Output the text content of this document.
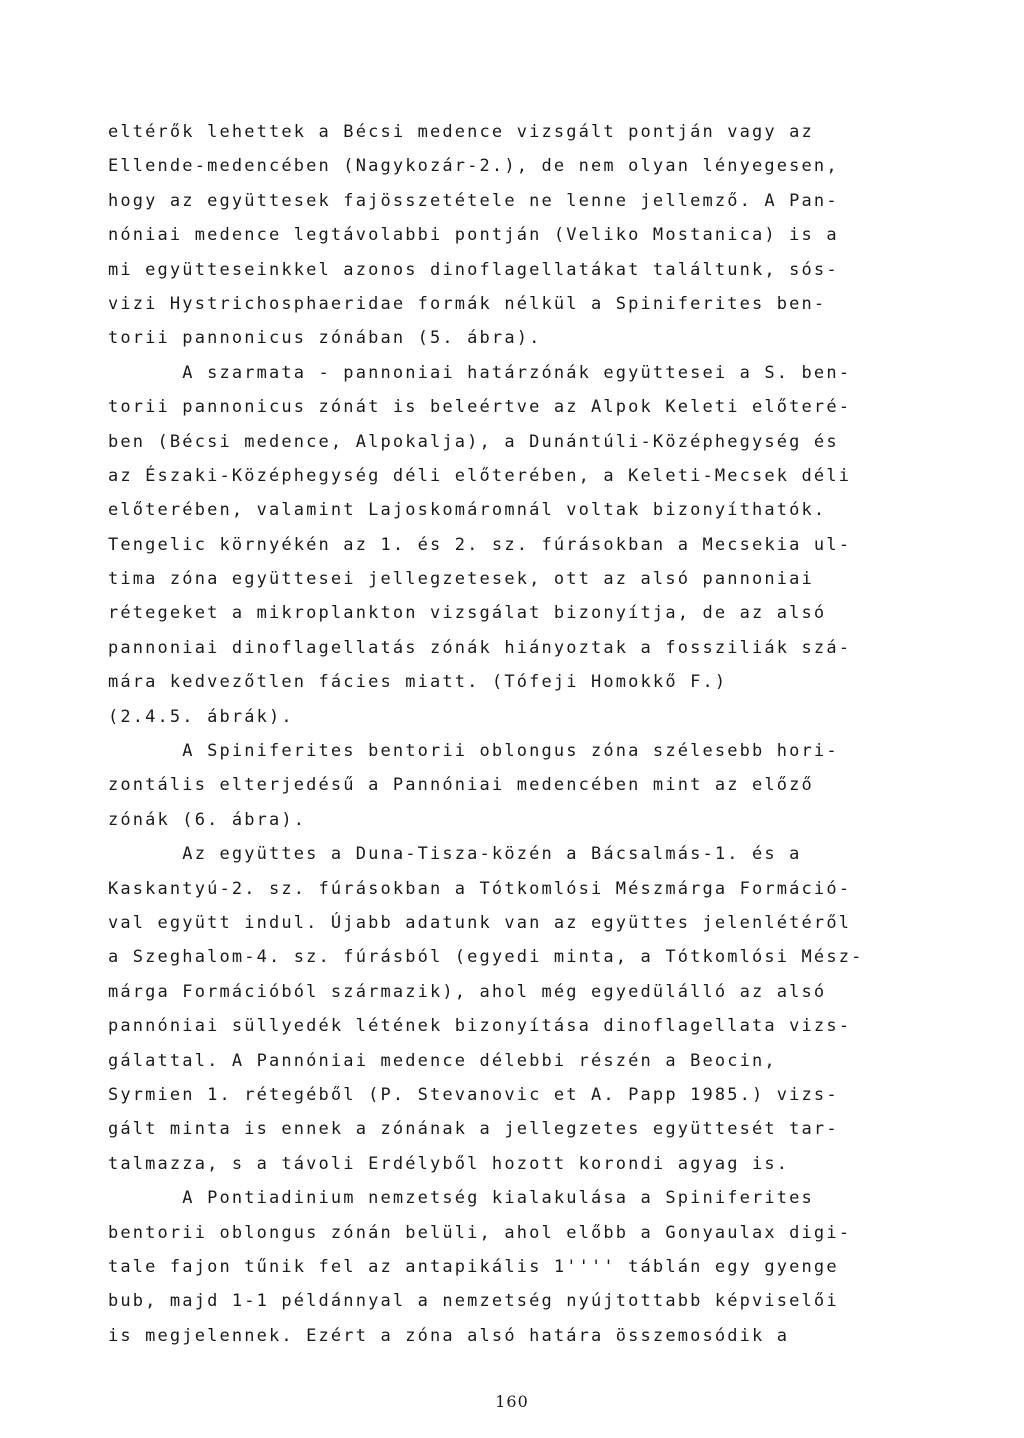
eltérők lehettek a Bécsi medence vizsgált pontján vagy az
Ellende-medencében (Nagykozár-2.), de nem olyan lényegesen,
hogy az együttesek fajösszetétele ne lenne jellemző. A Pan-
nóniai medence legtávolabbi pontján (Veliko Mostanica) is a
mi együtteseinkkel azonos dinoflagellatákat találtunk, sós-
vizi Hystrichosphaeridae formák nélkül a Spiniferites ben-
torii pannonicus zónában (5. ábra).
A szarmata - pannoniai határzónák együttesei a S. ben-
torii pannonicus zónát is beleértve az Alpok Keleti előteré-
ben (Bécsi medence, Alpokalja), a Dunántúli-Középhegység és
az Északi-Középhegység déli előterében, a Keleti-Mecsek déli
előterében, valamint Lajoskomáromnál voltak bizonyíthatók.
Tengelic környékén az 1. és 2. sz. fúrásokban a Mecsekia ul-
tima zóna együttesei jellegzetesek, ott az alsó pannoniai
rétegeket a mikroplankton vizsgálat bizonyítja, de az alsó
pannoniai dinoflagellatás zónák hiányoztak a fossziliák szá-
mára kedvezőtlen fácies miatt. (Tófeji Homokkő F.)
(2.4.5. ábrák).
A Spiniferites bentorii oblongus zóna szélesebb hori-
zontális elterjedésű a Pannóniai medencében mint az előző
zónák (6. ábra).
Az együttes a Duna-Tisza-közén a Bácsalmás-1. és a
Kaskantyú-2. sz. fúrásokban a Tótkomlósi Mészmárga Formáció-
val együtt indul. Újabb adatunk van az együttes jelenlétéről
a Szeghalom-4. sz. fúrásból (egyedi minta, a Tótkomlósi Mész-
márga Formációból származik), ahol még egyedülálló az alsó
pannóniai süllyedék létének bizonyítása dinoflagellata vizs-
gálattal. A Pannóniai medence délebbi részén a Beocin,
Syrmien 1. rétegéből (P. Stevanovic et A. Papp 1985.) vizs-
gált minta is ennek a zónának a jellegzetes együttesét tar-
talmazza, s a távoli Erdélyből hozott korondi agyag is.
A Pontiadinium nemzetség kialakulása a Spiniferites
bentorii oblongus zónán belüli, ahol előbb a Gonyaulax digi-
tale fajon tűnik fel az antapikális 1'''' táblán egy gyenge
bub, majd 1-1 példánnyal a nemzetség nyújtottabb képviselői
is megjelennek. Ezért a zóna alsó határa összemosódik a
160
